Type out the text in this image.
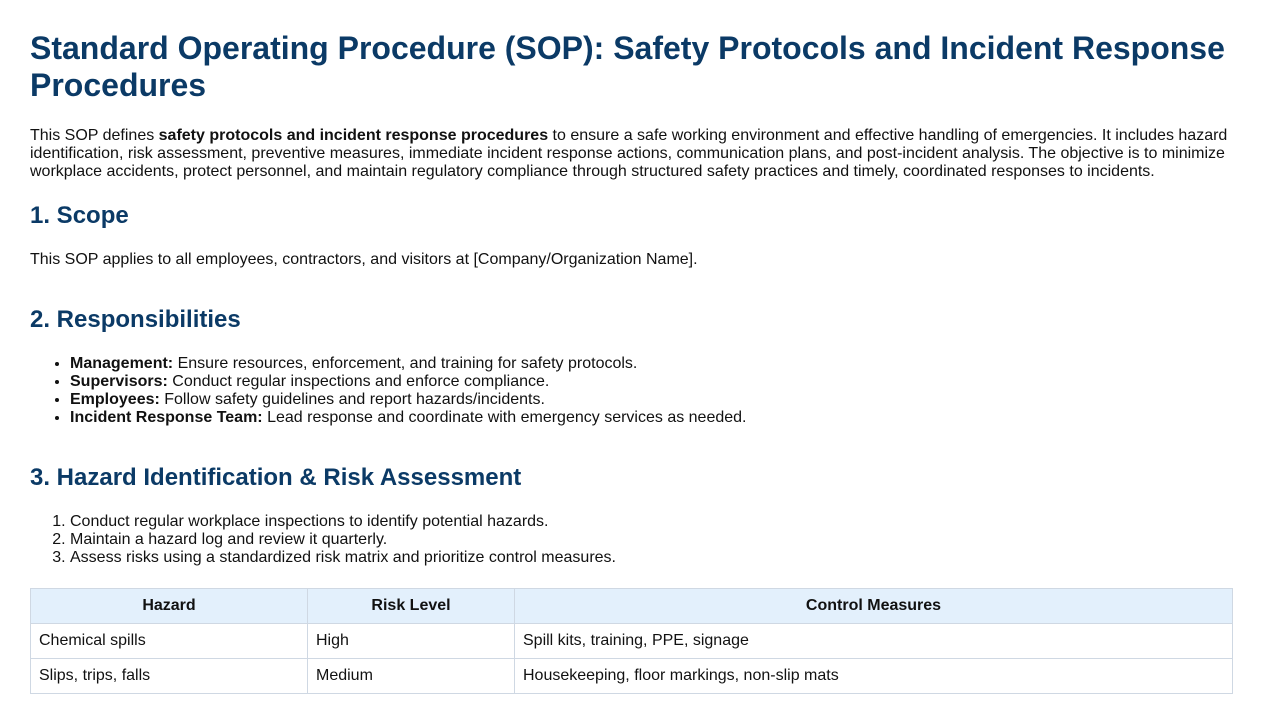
Standard Operating Procedure (SOP): Safety Protocols and Incident Response Procedures

This SOP defines safety protocols and incident response procedures to ensure a safe working environment and effective handling of emergencies. It includes hazard identification, risk assessment, preventive measures, immediate incident response actions, communication plans, and post-incident analysis. The objective is to minimize workplace accidents, protect personnel, and maintain regulatory compliance through structured safety practices and timely, coordinated responses to incidents.

1. Scope

This SOP applies to all employees, contractors, and visitors at [Company/Organization Name].

2. Responsibilities
• Management: Ensure resources, enforcement, and training for safety protocols.
• Supervisors: Conduct regular inspections and enforce compliance.
• Employees: Follow safety guidelines and report hazards/incidents.
• Incident Response Team: Lead response and coordinate with emergency services as needed.
3. Hazard Identification & Risk Assessment
1. Conduct regular workplace inspections to identify potential hazards.
2. Maintain a hazard log and review it quarterly.
3. Assess risks using a standardized risk matrix and prioritize control measures.
Hazard	Risk Level	Control Measures
Chemical spills	High	Spill kits, training, PPE, signage
Slips, trips, falls	Medium	Housekeeping, floor markings, non-slip mats
